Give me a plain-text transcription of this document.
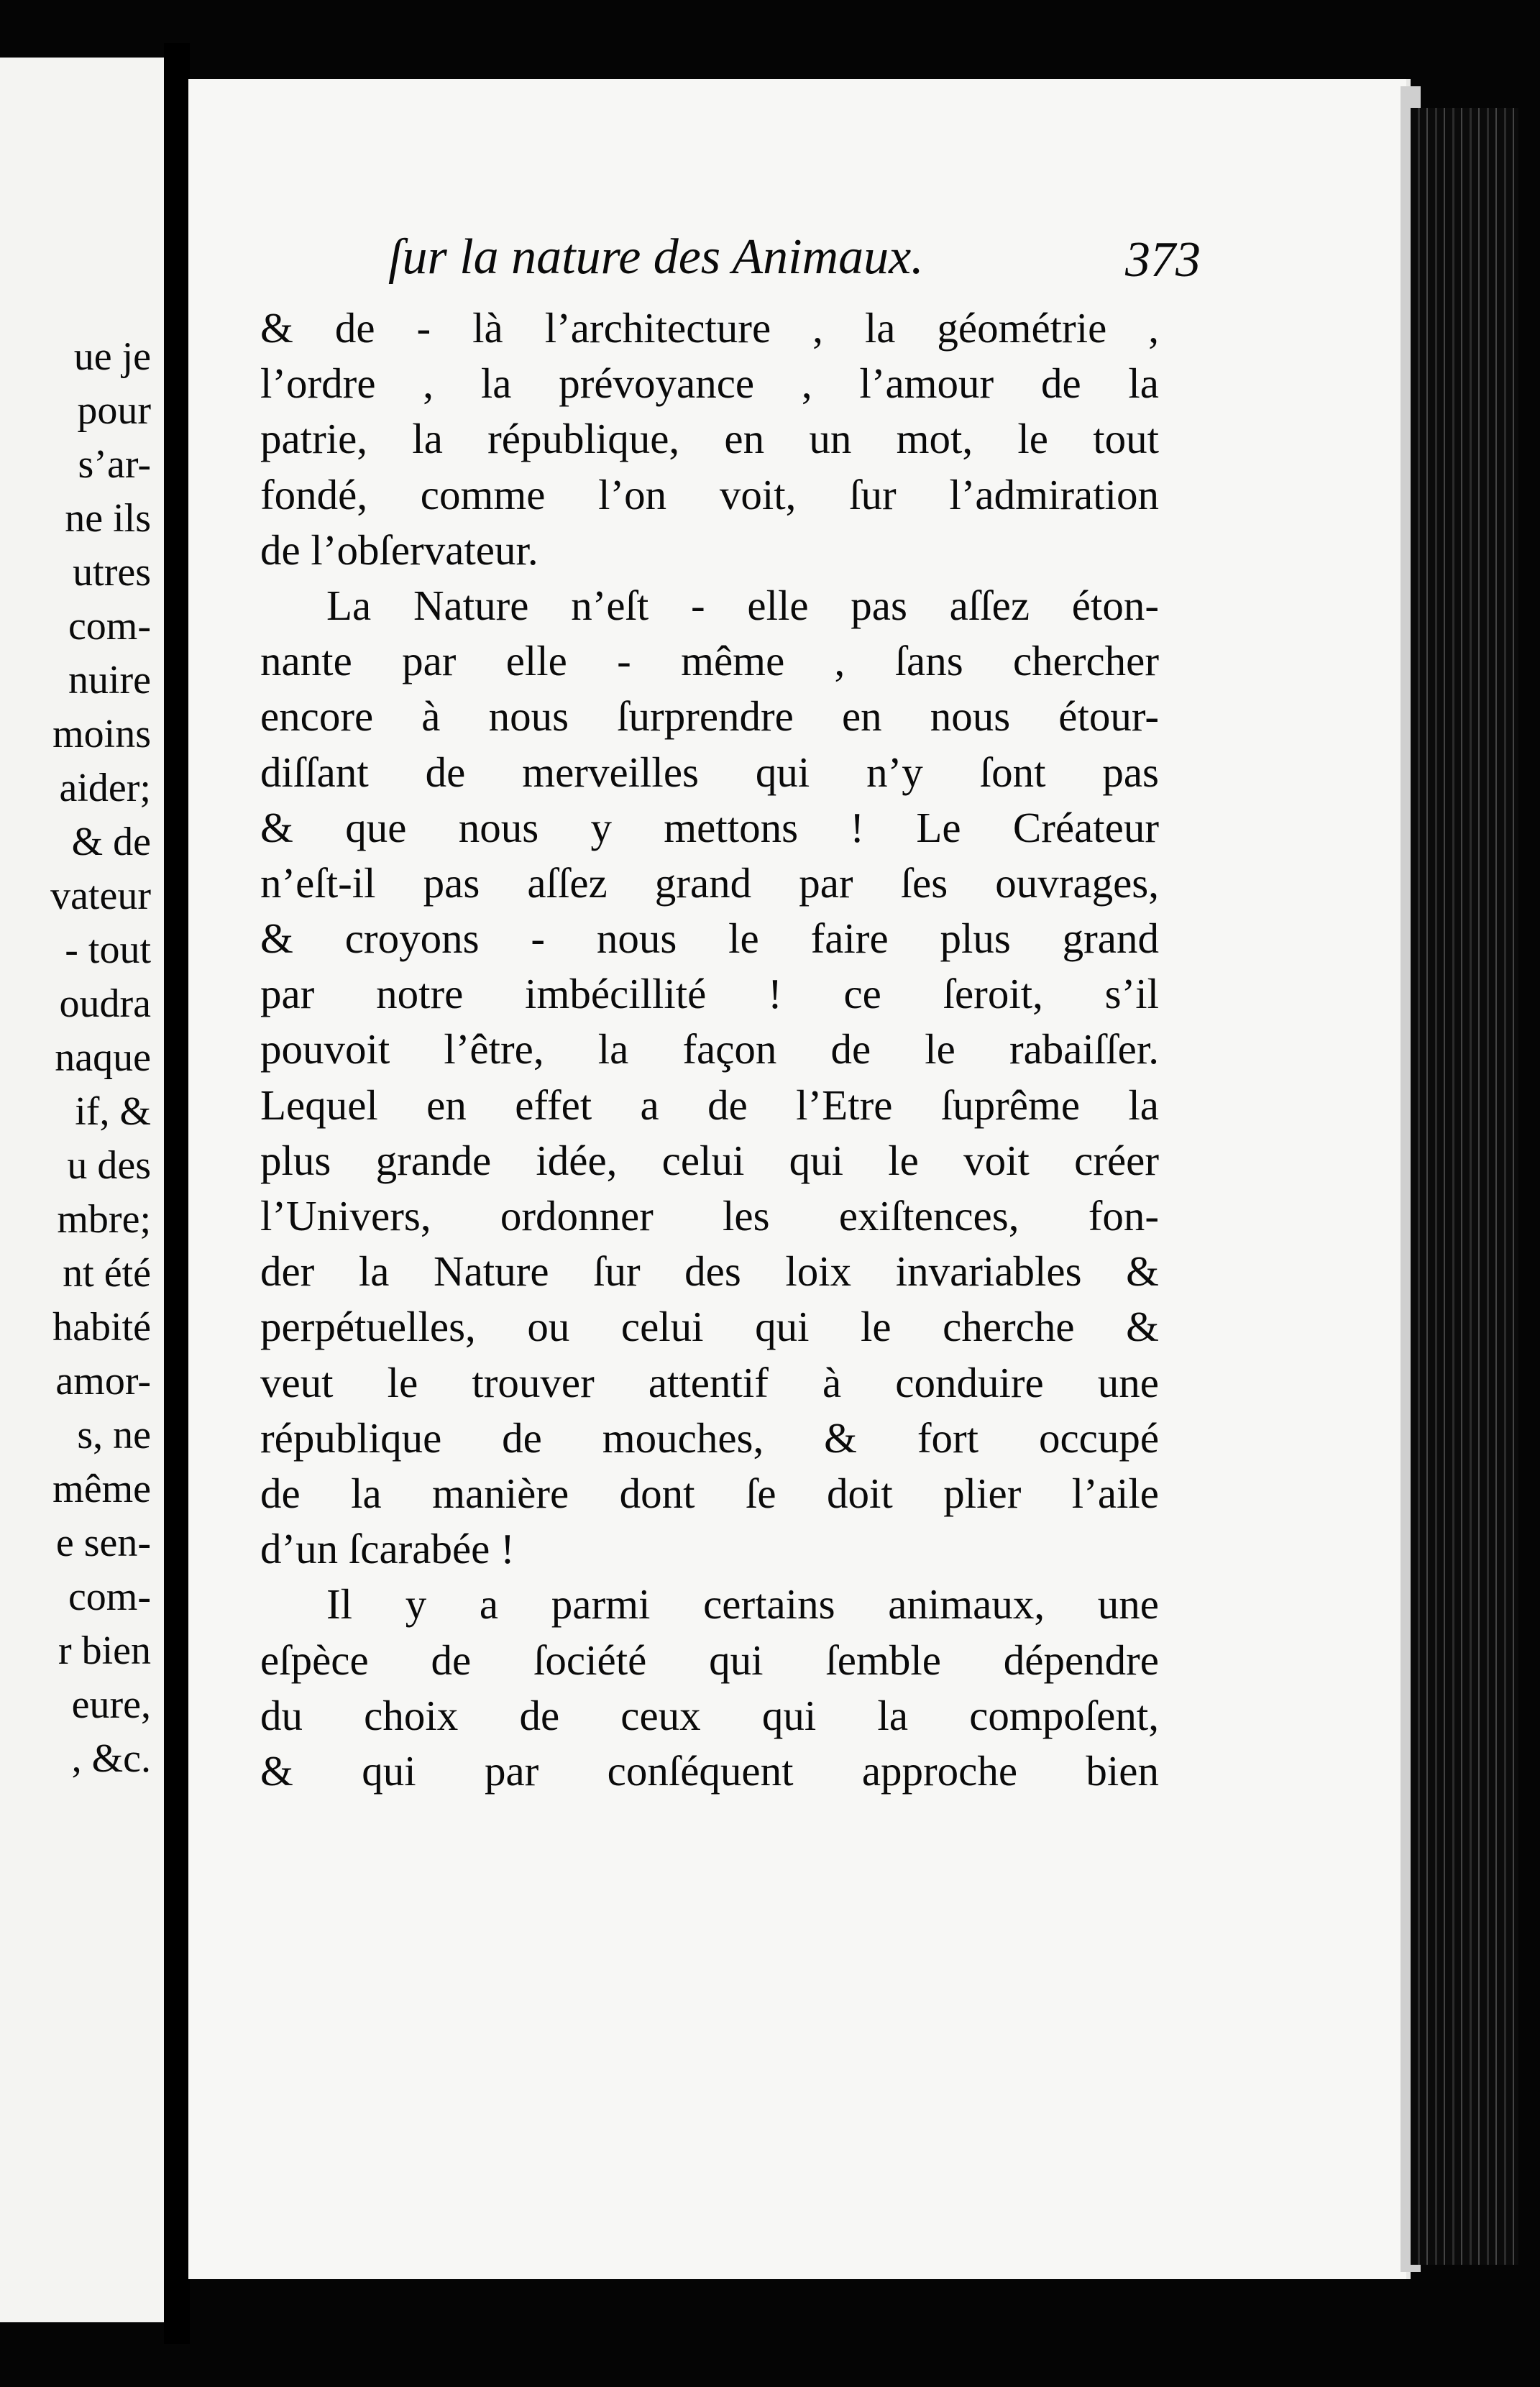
ue je
pour
s’ar-
ne ils
utres
com-
nuire
moins
aider;
& de
vateur
- tout
oudra
naque
if, &
u des
mbre;
nt été
habité
amor-
s, ne
même
e sen-
com-
r bien
eure,
, &c.
ſur la nature des Animaux.	373
& de - là l’architecture , la géométrie ,
l’ordre , la prévoyance , l’amour de la
patrie, la république, en un mot, le tout
fondé, comme l’on voit, ſur l’admiration
de l’obſervateur.
La Nature n’eſt - elle pas aſſez éton-
nante par elle - même , ſans chercher
encore à nous ſurprendre en nous étour-
diſſant de merveilles qui n’y ſont pas
& que nous y mettons ! Le Créateur
n’eſt-il pas aſſez grand par ſes ouvrages,
& croyons - nous le faire plus grand
par notre imbécillité ! ce ſeroit, s’il
pouvoit l’être, la façon de le rabaiſſer.
Lequel en effet a de l’Etre ſuprême la
plus grande idée, celui qui le voit créer
l’Univers, ordonner les exiſtences, fon-
der la Nature ſur des loix invariables &
perpétuelles, ou celui qui le cherche &
veut le trouver attentif à conduire une
république de mouches, & fort occupé
de la manière dont ſe doit plier l’aile
d’un ſcarabée !
Il y a parmi certains animaux, une
eſpèce de ſociété qui ſemble dépendre
du choix de ceux qui la compoſent,
& qui par conſéquent approche bien
